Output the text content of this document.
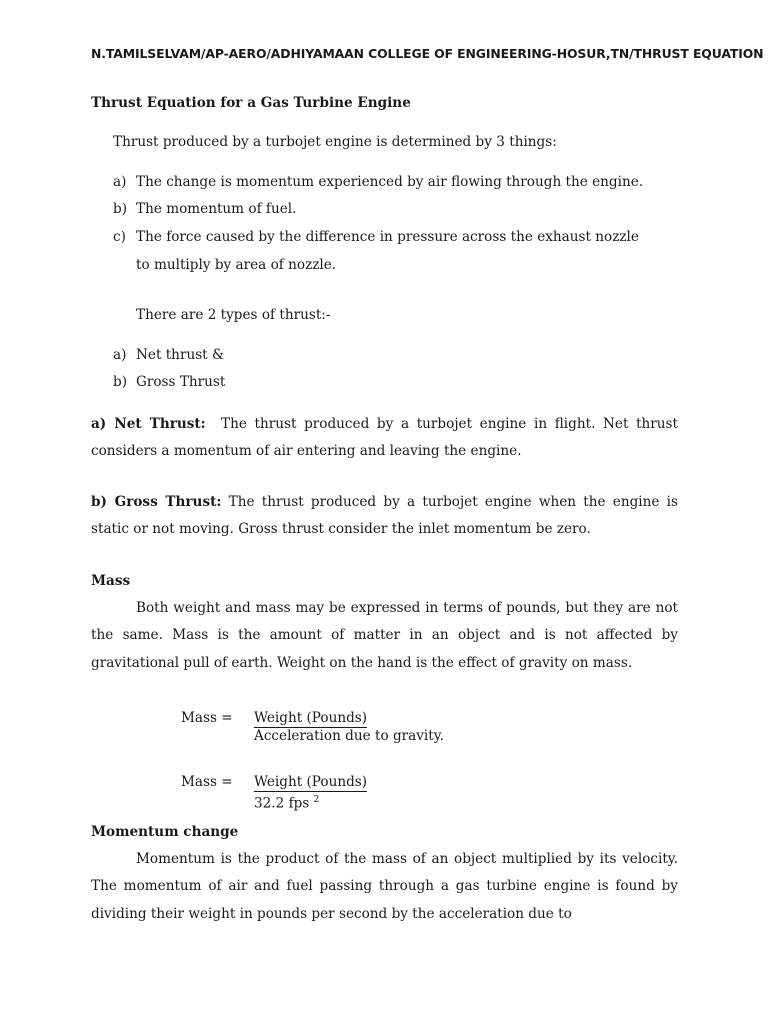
N.TAMILSELVAM/AP-AERO/ADHIYAMAAN COLLEGE OF ENGINEERING-HOSUR,TN/THRUST EQUATION
Thrust Equation for a Gas Turbine Engine
Thrust produced by a turbojet engine is determined by 3 things:
a) The change is momentum experienced by air flowing through the engine.
b) The momentum of fuel.
c) The force caused by the difference in pressure across the exhaust nozzle
to multiply by area of nozzle.
There are 2 types of thrust:-
a) Net thrust &
b) Gross Thrust
a) Net Thrust: The thrust produced by a turbojet engine in flight. Net thrust considers a momentum of air entering and leaving the engine.
b) Gross Thrust: The thrust produced by a turbojet engine when the engine is static or not moving. Gross thrust consider the inlet momentum be zero.
Mass
Both weight and mass may be expressed in terms of pounds, but they are not the same. Mass is the amount of matter in an object and is not affected by gravitational pull of earth. Weight on the hand is the effect of gravity on mass.
Mass = $\frac{\text{Weight (Pounds)}}{\text{Acceleration due to gravity.}}$
Mass = $\frac{\text{Weight (Pounds)}}{32.2 fps ^2}$
Momentum change
Momentum is the product of the mass of an object multiplied by its velocity. The momentum of air and fuel passing through a gas turbine engine is found by dividing their weight in pounds per second by the acceleration due to
